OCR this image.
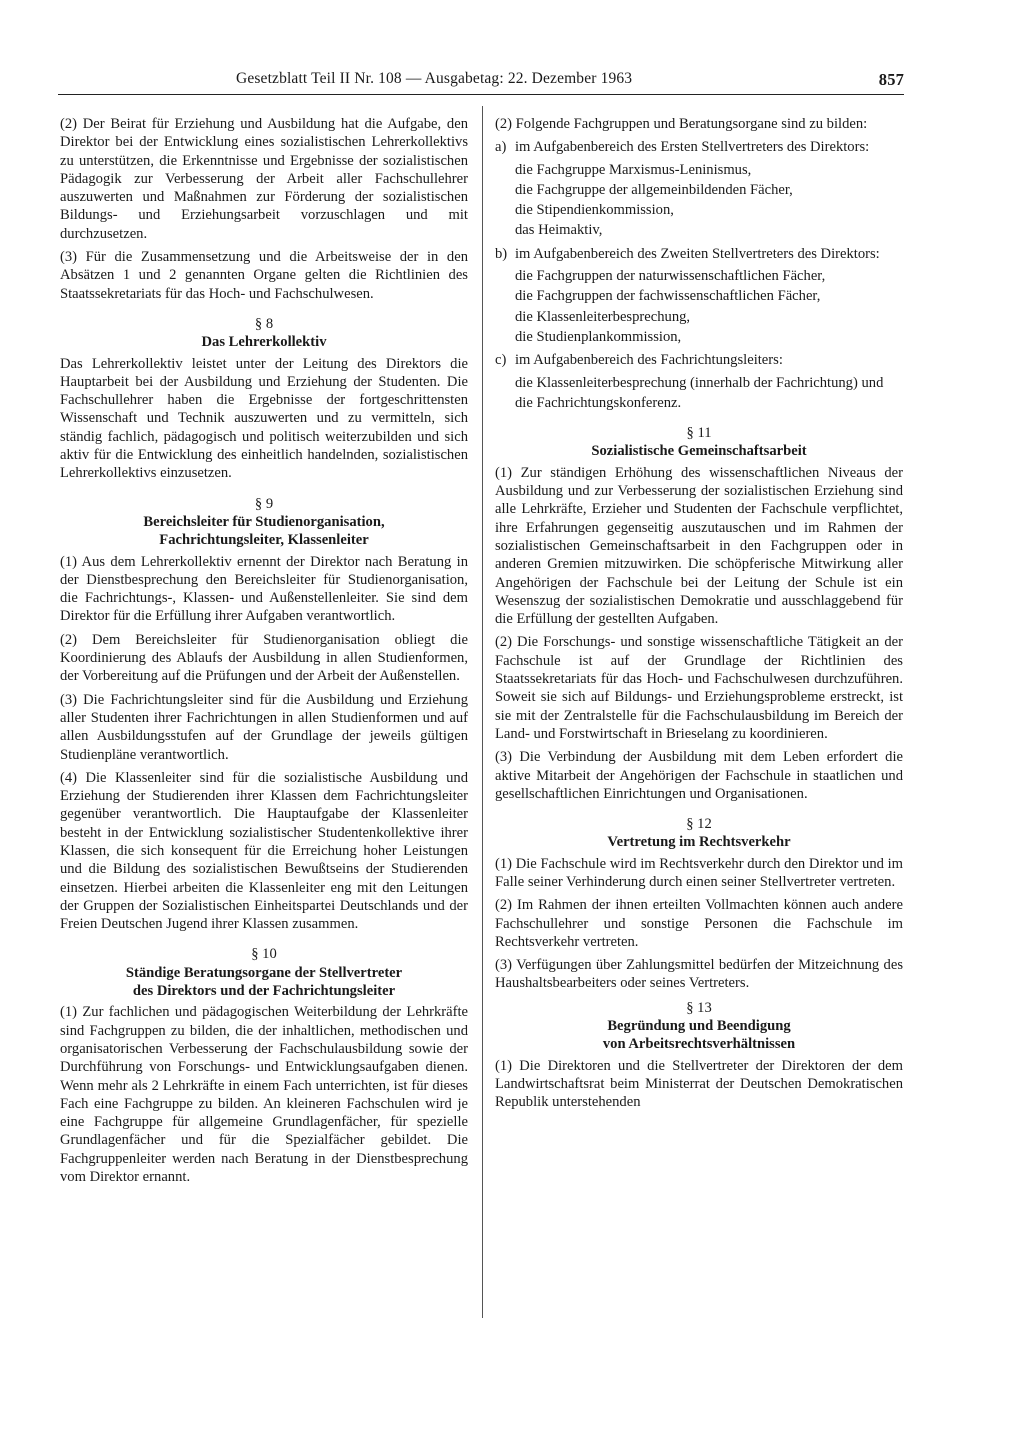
Gesetzblatt Teil II Nr. 108 — Ausgabetag: 22. Dezember 1963	857

(2) Der Beirat für Erziehung und Ausbildung hat die Aufgabe, den Direktor bei der Entwicklung eines sozialistischen Lehrerkollektivs zu unterstützen, die Erkenntnisse und Ergebnisse der sozialistischen Pädagogik zur Verbesserung der Arbeit aller Fachschullehrer auszuwerten und Maßnahmen zur Förderung der sozialistischen Bildungs- und Erziehungsarbeit vorzuschlagen und mit durchzusetzen.

(3) Für die Zusammensetzung und die Arbeitsweise der in den Absätzen 1 und 2 genannten Organe gelten die Richtlinien des Staatssekretariats für das Hoch- und Fachschulwesen.

§ 8
Das Lehrerkollektiv

Das Lehrerkollektiv leistet unter der Leitung des Direktors die Hauptarbeit bei der Ausbildung und Erziehung der Studenten. Die Fachschullehrer haben die Ergebnisse der fortgeschrittensten Wissenschaft und Technik auszuwerten und zu vermitteln, sich ständig fachlich, pädagogisch und politisch weiterzubilden und sich aktiv für die Entwicklung des einheitlich handelnden, sozialistischen Lehrerkollektivs einzusetzen.

§ 9
Bereichsleiter für Studienorganisation,
Fachrichtungsleiter, Klassenleiter

(1) Aus dem Lehrerkollektiv ernennt der Direktor nach Beratung in der Dienstbesprechung den Bereichsleiter für Studienorganisation, die Fachrichtungs-, Klassen- und Außenstellenleiter. Sie sind dem Direktor für die Erfüllung ihrer Aufgaben verantwortlich.

(2) Dem Bereichsleiter für Studienorganisation obliegt die Koordinierung des Ablaufs der Ausbildung in allen Studienformen, der Vorbereitung auf die Prüfungen und der Arbeit der Außenstellen.

(3) Die Fachrichtungsleiter sind für die Ausbildung und Erziehung aller Studenten ihrer Fachrichtungen in allen Studienformen und auf allen Ausbildungsstufen auf der Grundlage der jeweils gültigen Studienpläne verantwortlich.

(4) Die Klassenleiter sind für die sozialistische Ausbildung und Erziehung der Studierenden ihrer Klassen dem Fachrichtungsleiter gegenüber verantwortlich. Die Hauptaufgabe der Klassenleiter besteht in der Entwicklung sozialistischer Studentenkollektive ihrer Klassen, die sich konsequent für die Erreichung hoher Leistungen und die Bildung des sozialistischen Bewußtseins der Studierenden einsetzen. Hierbei arbeiten die Klassenleiter eng mit den Leitungen der Gruppen der Sozialistischen Einheitspartei Deutschlands und der Freien Deutschen Jugend ihrer Klassen zusammen.

§ 10
Ständige Beratungsorgane der Stellvertreter
des Direktors und der Fachrichtungsleiter

(1) Zur fachlichen und pädagogischen Weiterbildung der Lehrkräfte sind Fachgruppen zu bilden, die der inhaltlichen, methodischen und organisatorischen Verbesserung der Fachschulausbildung sowie der Durchführung von Forschungs- und Entwicklungsaufgaben dienen. Wenn mehr als 2 Lehrkräfte in einem Fach unterrichten, ist für dieses Fach eine Fachgruppe zu bilden. An kleineren Fachschulen wird je eine Fachgruppe für allgemeine Grundlagenfächer, für spezielle Grundlagenfächer und für die Spezialfächer gebildet. Die Fachgruppenleiter werden nach Beratung in der Dienstbesprechung vom Direktor ernannt.

(2) Folgende Fachgruppen und Beratungsorgane sind zu bilden:

a) im Aufgabenbereich des Ersten Stellvertreters des Direktors:
die Fachgruppe Marxismus-Leninismus,
die Fachgruppe der allgemeinbildenden Fächer,
die Stipendienkommission,
das Heimaktiv,
b) im Aufgabenbereich des Zweiten Stellvertreters des Direktors:
die Fachgruppen der naturwissenschaftlichen Fächer,
die Fachgruppen der fachwissenschaftlichen Fächer,
die Klassenleiterbesprechung,
die Studienplankommission,
c) im Aufgabenbereich des Fachrichtungsleiters:
die Klassenleiterbesprechung (innerhalb der Fachrichtung) und
die Fachrichtungskonferenz.
§ 11
Sozialistische Gemeinschaftsarbeit

(1) Zur ständigen Erhöhung des wissenschaftlichen Niveaus der Ausbildung und zur Verbesserung der sozialistischen Erziehung sind alle Lehrkräfte, Erzieher und Studenten der Fachschule verpflichtet, ihre Erfahrungen gegenseitig auszutauschen und im Rahmen der sozialistischen Gemeinschaftsarbeit in den Fachgruppen oder in anderen Gremien mitzuwirken. Die schöpferische Mitwirkung aller Angehörigen der Fachschule bei der Leitung der Schule ist ein Wesenszug der sozialistischen Demokratie und ausschlaggebend für die Erfüllung der gestellten Aufgaben.

(2) Die Forschungs- und sonstige wissenschaftliche Tätigkeit an der Fachschule ist auf der Grundlage der Richtlinien des Staatssekretariats für das Hoch- und Fachschulwesen durchzuführen. Soweit sie sich auf Bildungs- und Erziehungsprobleme erstreckt, ist sie mit der Zentralstelle für die Fachschulausbildung im Bereich der Land- und Forstwirtschaft in Brieselang zu koordinieren.

(3) Die Verbindung der Ausbildung mit dem Leben erfordert die aktive Mitarbeit der Angehörigen der Fachschule in staatlichen und gesellschaftlichen Einrichtungen und Organisationen.

§ 12
Vertretung im Rechtsverkehr

(1) Die Fachschule wird im Rechtsverkehr durch den Direktor und im Falle seiner Verhinderung durch einen seiner Stellvertreter vertreten.

(2) Im Rahmen der ihnen erteilten Vollmachten können auch andere Fachschullehrer und sonstige Personen die Fachschule im Rechtsverkehr vertreten.

(3) Verfügungen über Zahlungsmittel bedürfen der Mitzeichnung des Haushaltsbearbeiters oder seines Vertreters.

§ 13
Begründung und Beendigung
von Arbeitsrechtsverhältnissen

(1) Die Direktoren und die Stellvertreter der Direktoren der dem Landwirtschaftsrat beim Ministerrat der Deutschen Demokratischen Republik unterstehenden
